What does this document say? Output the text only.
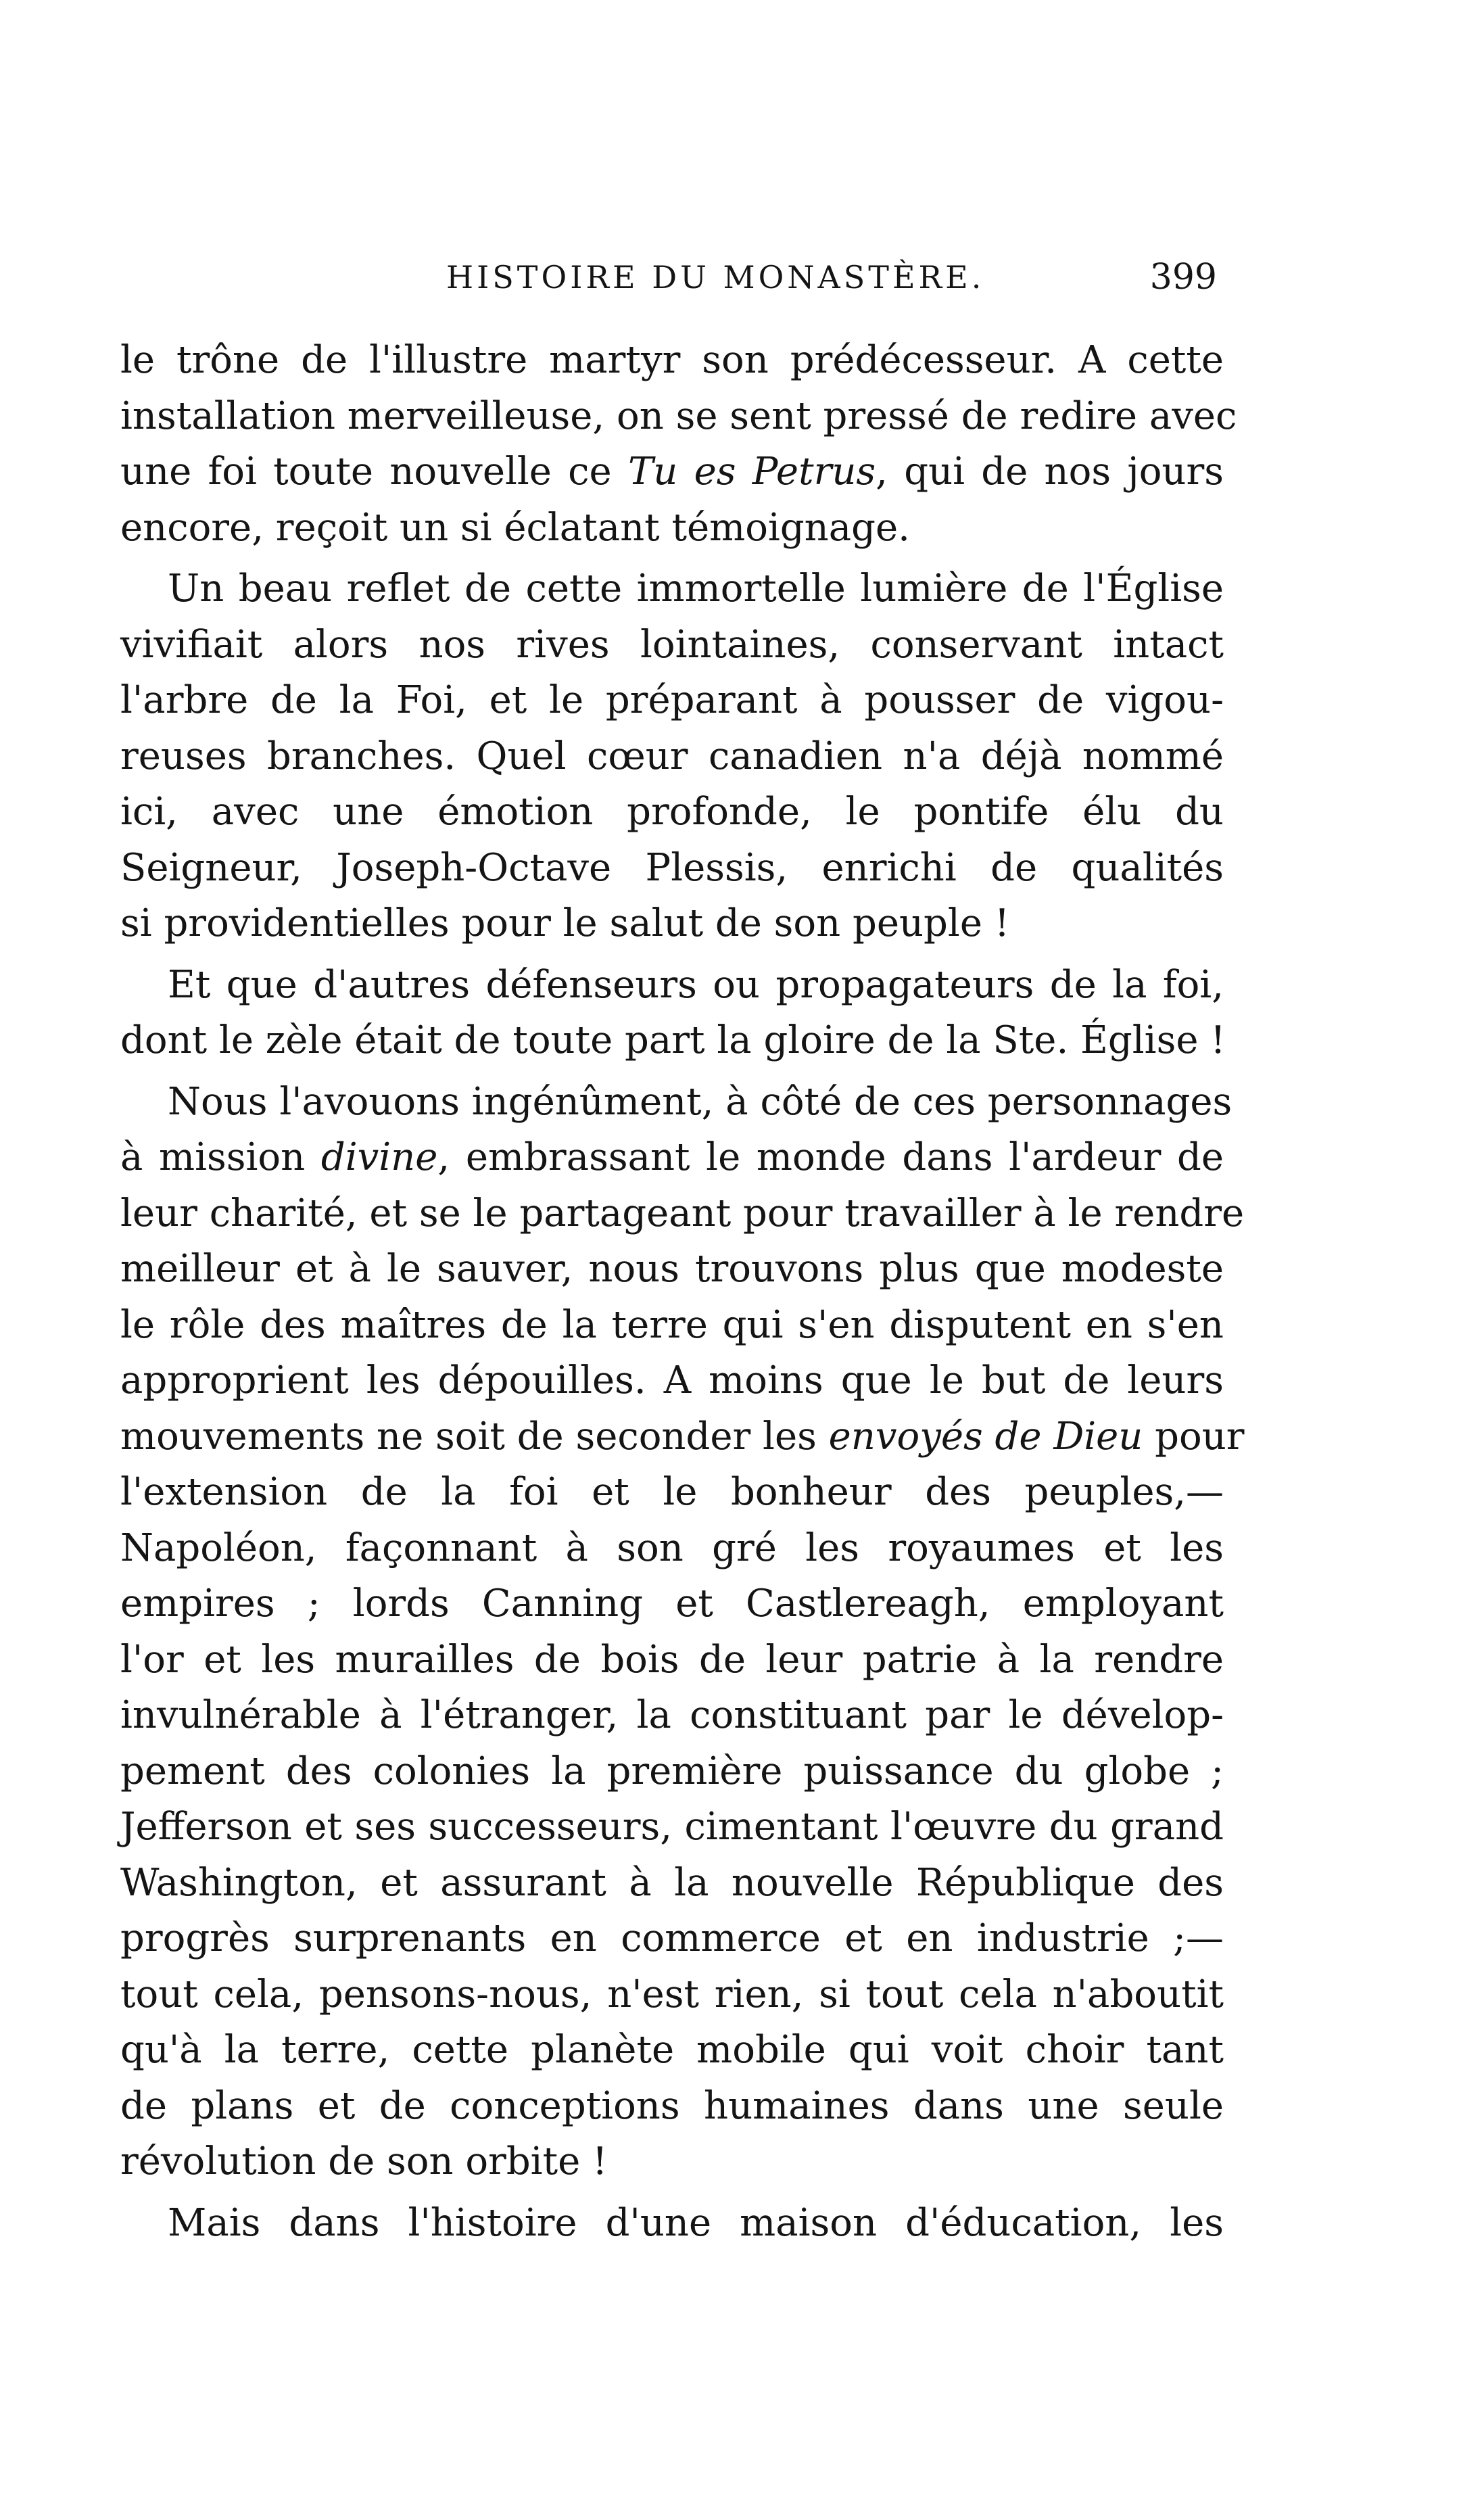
HISTOIRE DU MONASTÈRE.	399
le trône de l'illustre martyr son prédécesseur. A cette
installation merveilleuse, on se sent pressé de redire avec
une foi toute nouvelle ce Tu es Petrus, qui de nos jours
encore, reçoit un si éclatant témoignage.
Un beau reflet de cette immortelle lumière de l'Église
vivifiait alors nos rives lointaines, conservant intact
l'arbre de la Foi, et le préparant à pousser de vigou-
reuses branches. Quel cœur canadien n'a déjà nommé
ici, avec une émotion profonde, le pontife élu du
Seigneur, Joseph-Octave Plessis, enrichi de qualités
si providentielles pour le salut de son peuple !
Et que d'autres défenseurs ou propagateurs de la foi,
dont le zèle était de toute part la gloire de la Ste. Église !
Nous l'avouons ingénûment, à côté de ces personnages
à mission divine, embrassant le monde dans l'ardeur de
leur charité, et se le partageant pour travailler à le rendre
meilleur et à le sauver, nous trouvons plus que modeste
le rôle des maîtres de la terre qui s'en disputent en s'en
approprient les dépouilles. A moins que le but de leurs
mouvements ne soit de seconder les envoyés de Dieu pour
l'extension de la foi et le bonheur des peuples,—
Napoléon, façonnant à son gré les royaumes et les
empires ; lords Canning et Castlereagh, employant
l'or et les murailles de bois de leur patrie à la rendre
invulnérable à l'étranger, la constituant par le dévelop-
pement des colonies la première puissance du globe ;
Jefferson et ses successeurs, cimentant l'œuvre du grand
Washington, et assurant à la nouvelle République des
progrès surprenants en commerce et en industrie ;—
tout cela, pensons-nous, n'est rien, si tout cela n'aboutit
qu'à la terre, cette planète mobile qui voit choir tant
de plans et de conceptions humaines dans une seule
révolution de son orbite !
Mais dans l'histoire d'une maison d'éducation, les
